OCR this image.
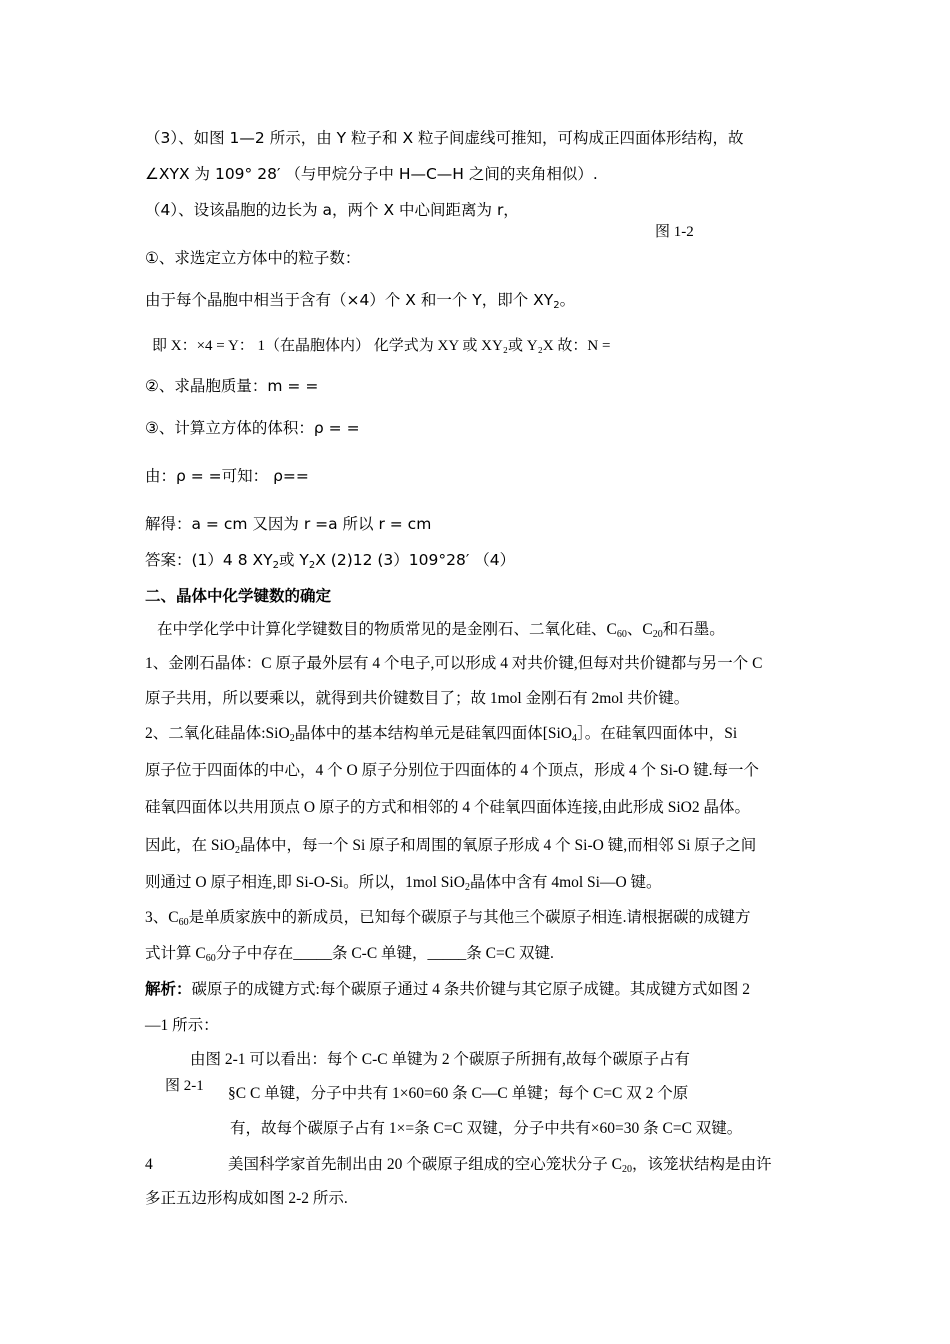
（3）、如图 1—2 所示，由 Y 粒子和 X 粒子间虚线可推知，可构成正四面体形结构，故
∠XYX 为 109° 28′ （与甲烷分子中 H—C—H 之间的夹角相似）.
（4）、设该晶胞的边长为 a，两个 X 中心间距离为 r，
图 1-2
①、求选定立方体中的粒子数：
由于每个晶胞中相当于含有（×4）个 X 和一个 Y，即个 $XY_2$。
即 X：×4 = Y： 1（在晶胞体内） 化学式为 XY 或 XY₂或 Y₂X 故：N =
②、求晶胞质量：m = =
③、计算立方体的体积：ρ = =
由：ρ = =可知： ρ==
解得：a = cm 又因为 r =a 所以 r = cm
答案：(1）4 8 $XY_2$或 $Y_2X$ (2)12 (3）109°28′ （4）
二、晶体中化学键数的确定
在中学化学中计算化学键数目的物质常见的是金刚石、二氧化硅、$C_{60}$、$C_{20}$和石墨。
1、金刚石晶体：C 原子最外层有 4 个电子,可以形成 4 对共价键,但每对共价键都与另一个 C
原子共用，所以要乘以，就得到共价键数目了；故 1mol 金刚石有 2mol 共价键。
2、二氧化硅晶体:SiO$_2$晶体中的基本结构单元是硅氧四面体[SiO$_4$］。在硅氧四面体中，Si
原子位于四面体的中心，4 个 O 原子分别位于四面体的 4 个顶点，形成 4 个 Si-O 键.每一个
硅氧四面体以共用顶点 O 原子的方式和相邻的 4 个硅氧四面体连接,由此形成 SiO2 晶体。
因此，在 SiO$_2$晶体中，每一个 Si 原子和周围的氧原子形成 4 个 Si-O 键,而相邻 Si 原子之间
则通过 O 原子相连,即 Si-O-Si。所以，1mol SiO$_2$晶体中含有 4mol Si—O 键。
3、$C_{60}$是单质家族中的新成员，已知每个碳原子与其他三个碳原子相连.请根据碳的成键方
式计算 $C_{60}$分子中存在_____条 C-C 单键，_____条 C=C 双键.
解析：碳原子的成键方式:每个碳原子通过 4 条共价键与其它原子成键。其成键方式如图 2
—1 所示：
由图 2-1 可以看出：每个 C-C 单键为 2 个碳原子所拥有,故每个碳原子占有
图 2-1 §C C 单键，分子中共有 1×60=60 条 C—C 单键；每个 C=C 双 2 个原
有，故每个碳原子占有 1×=条 C=C 双键，分子中共有×60=30 条 C=C 双键。
4	美国科学家首先制出由 20 个碳原子组成的空心笼状分子 $C_{20}$，该笼状结构是由许
多正五边形构成如图 2-2 所示.
